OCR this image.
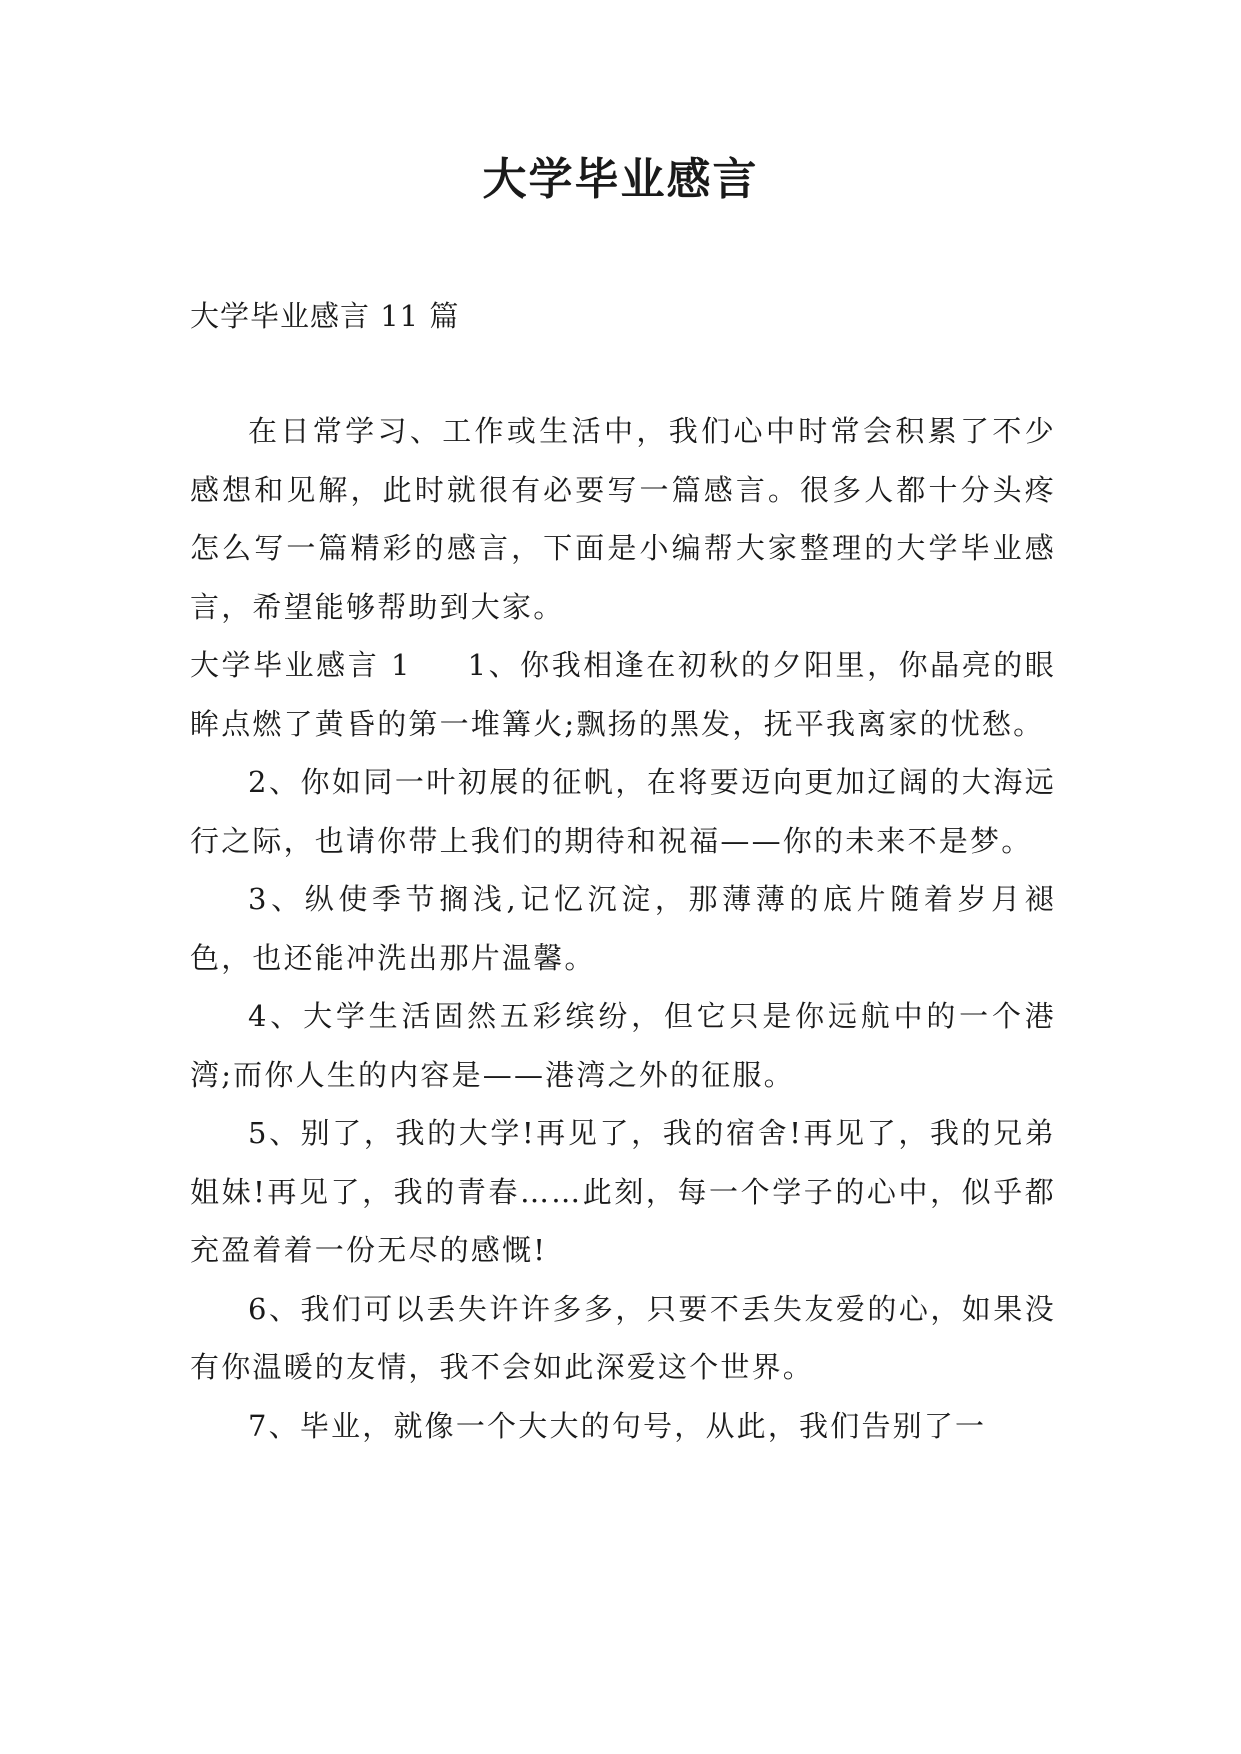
大学毕业感言

大学毕业感言 11 篇

在日常学习、工作或生活中，我们心中时常会积累了不少感想和见解，此时就很有必要写一篇感言。很多人都十分头疼怎么写一篇精彩的感言，下面是小编帮大家整理的大学毕业感言，希望能够帮助到大家。

大学毕业感言 1 1、你我相逢在初秋的夕阳里，你晶亮的眼眸点燃了黄昏的第一堆篝火;飘扬的黑发，抚平我离家的忧愁。

2、你如同一叶初展的征帆，在将要迈向更加辽阔的大海远行之际，也请你带上我们的期待和祝福——你的未来不是梦。

3、纵使季节搁浅,记忆沉淀，那薄薄的底片随着岁月褪色，也还能冲洗出那片温馨。

4、大学生活固然五彩缤纷，但它只是你远航中的一个港湾;而你人生的内容是——港湾之外的征服。

5、别了，我的大学!再见了，我的宿舍!再见了，我的兄弟姐妹!再见了，我的青春……此刻，每一个学子的心中，似乎都充盈着着一份无尽的感慨!

6、我们可以丢失许许多多，只要不丢失友爱的心，如果没有你温暖的友情，我不会如此深爱这个世界。

7、毕业，就像一个大大的句号，从此，我们告别了一
